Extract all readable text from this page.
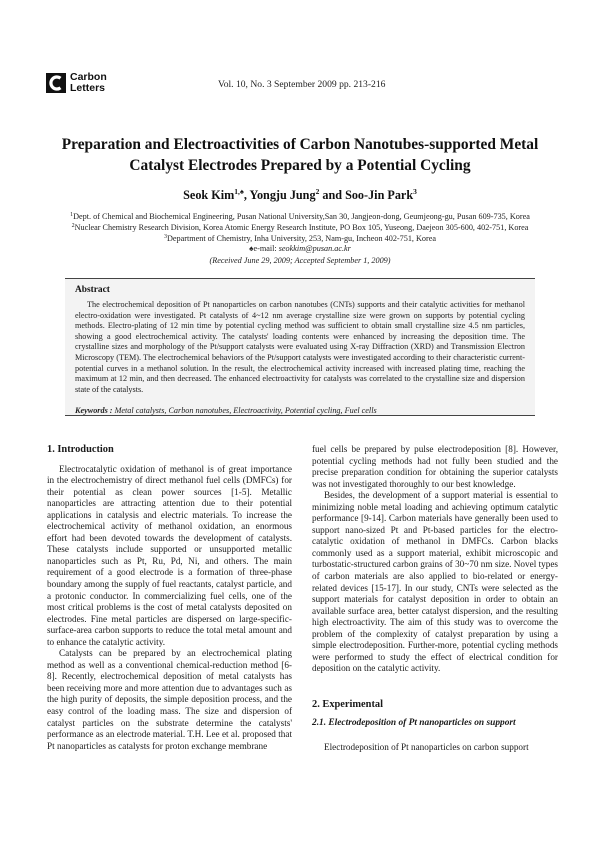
Carbon
Letters	Vol. 10, No. 3 September 2009 pp. 213-216
Preparation and Electroactivities of Carbon Nanotubes-supported Metal
Catalyst Electrodes Prepared by a Potential Cycling
Seok Kim$^{1,♠}$, Yongju Jung$^2$ and Soo-Jin Park$^3$
$^1$Dept. of Chemical and Biochemical Engineering, Pusan National University,San 30, Jangjeon-dong, Geumjeong-gu, Pusan 609-735, Korea
$^2$Nuclear Chemistry Research Division, Korea Atomic Energy Research Institute, PO Box 105, Yuseong, Daejeon 305-600, 402-751, Korea
$^3$Department of Chemistry, Inha University, 253, Nam-gu, Incheon 402-751, Korea
♠e-mail: seokkim@pusan.ac.kr
(Received June 29, 2009; Accepted September 1, 2009)
Abstract
The electrochemical deposition of Pt nanoparticles on carbon nanotubes (CNTs) supports and their catalytic activities for methanol electro-oxidation were investigated. Pt catalysts of 4~12 nm average crystalline size were grown on supports by potential cycling methods. Electro-plating of 12 min time by potential cycling method was sufficient to obtain small crystalline size 4.5 nm particles, showing a good electrochemical activity. The catalysts' loading contents were enhanced by increasing the deposition time. The crystalline sizes and morphology of the Pt/support catalysts were evaluated using X-ray Diffraction (XRD) and Transmission Electron Microscopy (TEM). The electrochemical behaviors of the Pt/support catalysts were investigated according to their characteristic current-potential curves in a methanol solution. In the result, the electrochemical activity increased with increased plating time, reaching the maximum at 12 min, and then decreased. The enhanced electroactivity for catalysts was correlated to the crystalline size and dispersion state of the catalysts.
Keywords : Metal catalysts, Carbon nanotubes, Electroactivity, Potential cycling, Fuel cells
1. Introduction

Electrocatalytic oxidation of methanol is of great importance in the electrochemistry of direct methanol fuel cells (DMFCs) for their potential as clean power sources [1-5]. Metallic nanoparticles are attracting attention due to their potential applications in catalysis and electric materials. To increase the electrochemical activity of methanol oxidation, an enormous effort had been devoted towards the development of catalysts. These catalysts include supported or unsupported metallic nanoparticles such as Pt, Ru, Pd, Ni, and others. The main requirement of a good electrode is a formation of three-phase boundary among the supply of fuel reactants, catalyst particle, and a protonic conductor. In commercializing fuel cells, one of the most critical problems is the cost of metal catalysts deposited on electrodes. Fine metal particles are dispersed on large-specific-surface-area carbon supports to reduce the total metal amount and to enhance the catalytic activity.

Catalysts can be prepared by an electrochemical plating method as well as a conventional chemical-reduction method [6-8]. Recently, electrochemical deposition of metal catalysts has been receiving more and more attention due to advantages such as the high purity of deposits, the simple deposition process, and the easy control of the loading mass. The size and dispersion of catalyst particles on the substrate determine the catalysts' performance as an electrode material. T.H. Lee et al. proposed that Pt nanoparticles as catalysts for proton exchange membrane

fuel cells be prepared by pulse electrodeposition [8]. However, potential cycling methods had not fully been studied and the precise preparation condition for obtaining the superior catalysts was not investigated thoroughly to our best knowledge.

Besides, the development of a support material is essential to minimizing noble metal loading and achieving optimum catalytic performance [9-14]. Carbon materials have generally been used to support nano-sized Pt and Pt-based particles for the electro-catalytic oxidation of methanol in DMFCs. Carbon blacks commonly used as a support material, exhibit microscopic and turbostatic-structured carbon grains of 30~70 nm size. Novel types of carbon materials are also applied to bio-related or energy-related devices [15-17]. In our study, CNTs were selected as the support materials for catalyst deposition in order to obtain an available surface area, better catalyst dispersion, and the resulting high electroactivity. The aim of this study was to overcome the problem of the complexity of catalyst preparation by using a simple electrodeposition. Further-more, potential cycling methods were performed to study the effect of electrical condition for deposition on the catalytic activity.

2. Experimental
2.1. Electrodeposition of Pt nanoparticles on support

Electrodeposition of Pt nanoparticles on carbon support
